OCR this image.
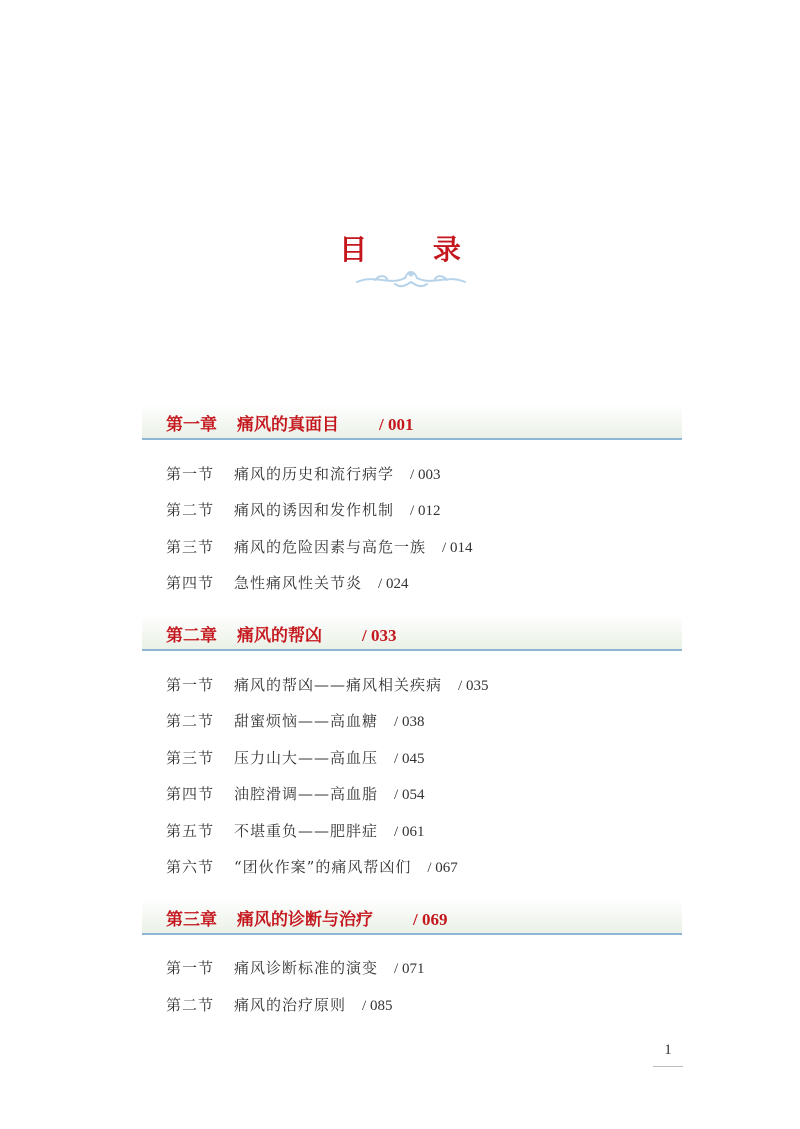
目 录
第一章 痛风的真面目 / 001
第一节 痛风的历史和流行病学 / 003
第二节 痛风的诱因和发作机制 / 012
第三节 痛风的危险因素与高危一族 / 014
第四节 急性痛风性关节炎 / 024
第二章 痛风的帮凶 / 033
第一节 痛风的帮凶——痛风相关疾病 / 035
第二节 甜蜜烦恼——高血糖 / 038
第三节 压力山大——高血压 / 045
第四节 油腔滑调——高血脂 / 054
第五节 不堪重负——肥胖症 / 061
第六节 “团伙作案”的痛风帮凶们 / 067
第三章 痛风的诊断与治疗 / 069
第一节 痛风诊断标准的演变 / 071
第二节 痛风的治疗原则 / 085
1
